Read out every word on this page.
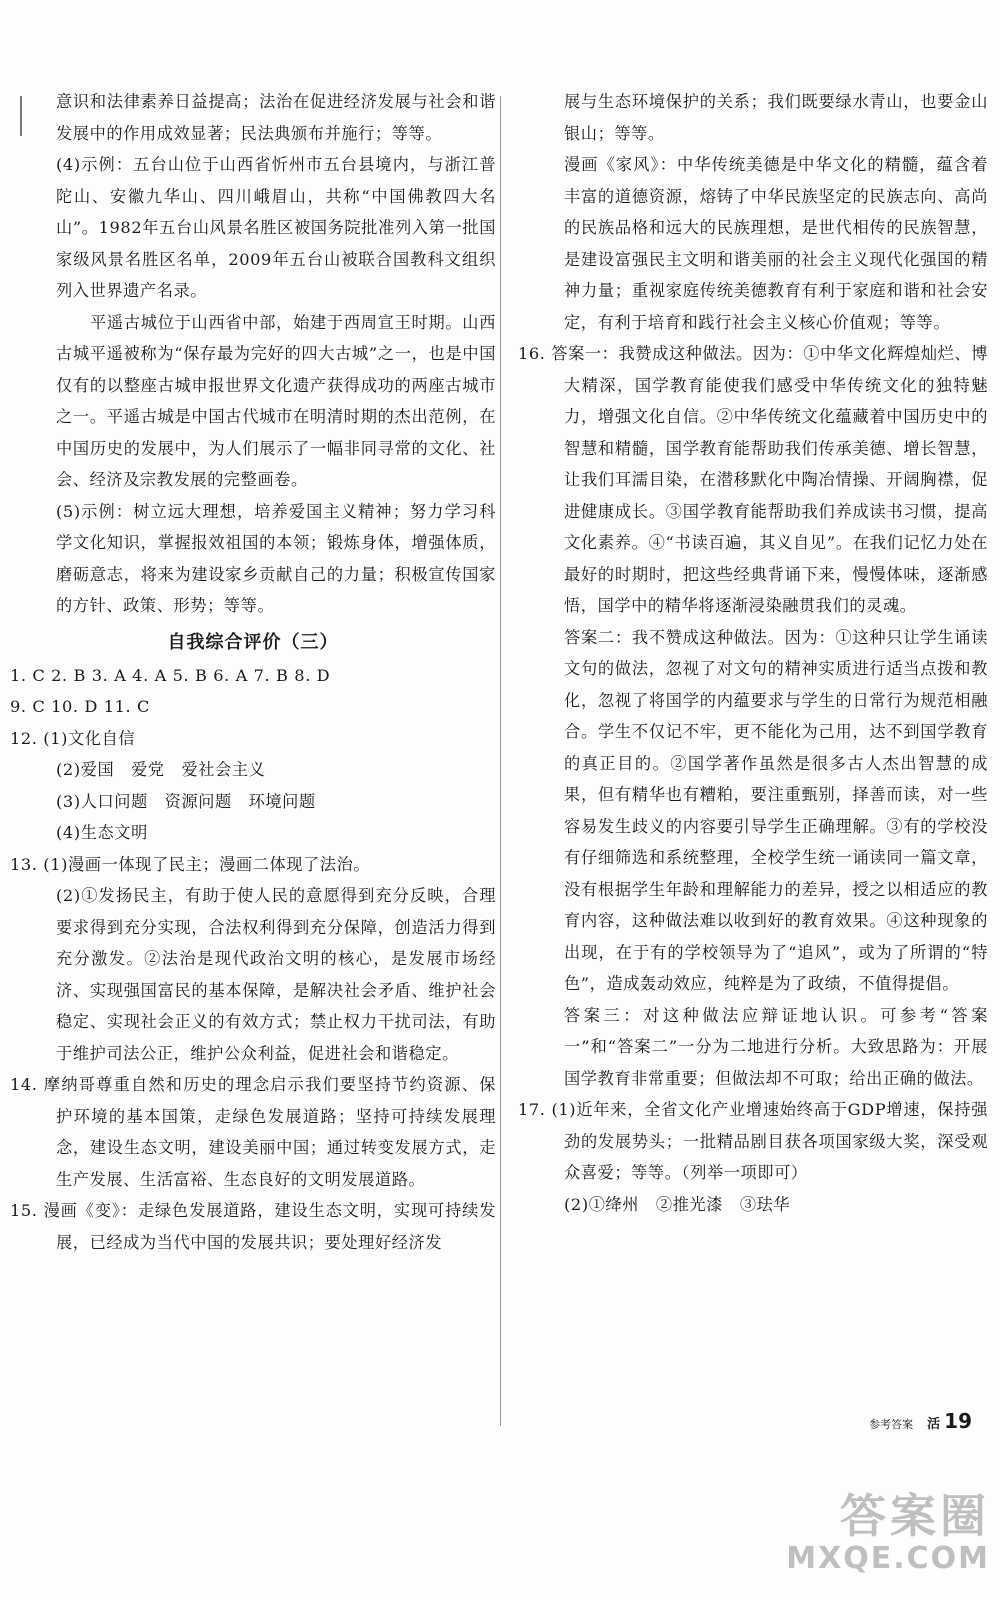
意识和法律素养日益提高；法治在促进经济发展与社会和谐发展中的作用成效显著；民法典颁布并施行；等等。

(4)示例：五台山位于山西省忻州市五台县境内，与浙江普陀山、安徽九华山、四川峨眉山，共称“中国佛教四大名山”。1982年五台山风景名胜区被国务院批准列入第一批国家级风景名胜区名单，2009年五台山被联合国教科文组织列入世界遗产名录。

平遥古城位于山西省中部，始建于西周宣王时期。山西古城平遥被称为“保存最为完好的四大古城”之一，也是中国仅有的以整座古城申报世界文化遗产获得成功的两座古城市之一。平遥古城是中国古代城市在明清时期的杰出范例，在中国历史的发展中，为人们展示了一幅非同寻常的文化、社会、经济及宗教发展的完整画卷。

(5)示例：树立远大理想，培养爱国主义精神；努力学习科学文化知识，掌握报效祖国的本领；锻炼身体，增强体质，磨砺意志，将来为建设家乡贡献自己的力量；积极宣传国家的方针、政策、形势；等等。

自我综合评价（三）

1. C 2. B 3. A 4. A 5. B 6. A 7. B 8. D

9. C 10. D 11. C

12. (1)文化自信

(2)爱国　爱党　爱社会主义

(3)人口问题　资源问题　环境问题

(4)生态文明

13. (1)漫画一体现了民主；漫画二体现了法治。

(2)①发扬民主，有助于使人民的意愿得到充分反映，合理要求得到充分实现，合法权利得到充分保障，创造活力得到充分激发。②法治是现代政治文明的核心，是发展市场经济、实现强国富民的基本保障，是解决社会矛盾、维护社会稳定、实现社会正义的有效方式；禁止权力干扰司法，有助于维护司法公正，维护公众利益，促进社会和谐稳定。

14. 摩纳哥尊重自然和历史的理念启示我们要坚持节约资源、保护环境的基本国策，走绿色发展道路；坚持可持续发展理念，建设生态文明，建设美丽中国；通过转变发展方式，走生产发展、生活富裕、生态良好的文明发展道路。

15. 漫画《变》：走绿色发展道路，建设生态文明，实现可持续发展，已经成为当代中国的发展共识；要处理好经济发

展与生态环境保护的关系；我们既要绿水青山，也要金山银山；等等。

漫画《家风》：中华传统美德是中华文化的精髓，蕴含着丰富的道德资源，熔铸了中华民族坚定的民族志向、高尚的民族品格和远大的民族理想，是世代相传的民族智慧，是建设富强民主文明和谐美丽的社会主义现代化强国的精神力量；重视家庭传统美德教育有利于家庭和谐和社会安定，有利于培育和践行社会主义核心价值观；等等。

16. 答案一：我赞成这种做法。因为：①中华文化辉煌灿烂、博大精深，国学教育能使我们感受中华传统文化的独特魅力，增强文化自信。②中华传统文化蕴藏着中国历史中的智慧和精髓，国学教育能帮助我们传承美德、增长智慧，让我们耳濡目染，在潜移默化中陶冶情操、开阔胸襟，促进健康成长。③国学教育能帮助我们养成读书习惯，提高文化素养。④“书读百遍，其义自见”。在我们记忆力处在最好的时期时，把这些经典背诵下来，慢慢体味，逐渐感悟，国学中的精华将逐渐浸染融贯我们的灵魂。

答案二：我不赞成这种做法。因为：①这种只让学生诵读文句的做法，忽视了对文句的精神实质进行适当点拨和教化，忽视了将国学的内蕴要求与学生的日常行为规范相融合。学生不仅记不牢，更不能化为己用，达不到国学教育的真正目的。②国学著作虽然是很多古人杰出智慧的成果，但有精华也有糟粕，要注重甄别，择善而读，对一些容易发生歧义的内容要引导学生正确理解。③有的学校没有仔细筛选和系统整理，全校学生统一诵读同一篇文章，没有根据学生年龄和理解能力的差异，授之以相适应的教育内容，这种做法难以收到好的教育效果。④这种现象的出现，在于有的学校领导为了“追风”，或为了所谓的“特色”，造成轰动效应，纯粹是为了政绩，不值得提倡。

答案三：对这种做法应辩证地认识。可参考“答案一”和“答案二”一分为二地进行分析。大致思路为：开展国学教育非常重要；但做法却不可取；给出正确的做法。

17. (1)近年来，全省文化产业增速始终高于GDP增速，保持强劲的发展势头；一批精品剧目获各项国家级大奖，深受观众喜爱；等等。（列举一项即可）

(2)①绛州　②推光漆　③珐华

参考答案 活 19
答案圈
MXQE.COM
